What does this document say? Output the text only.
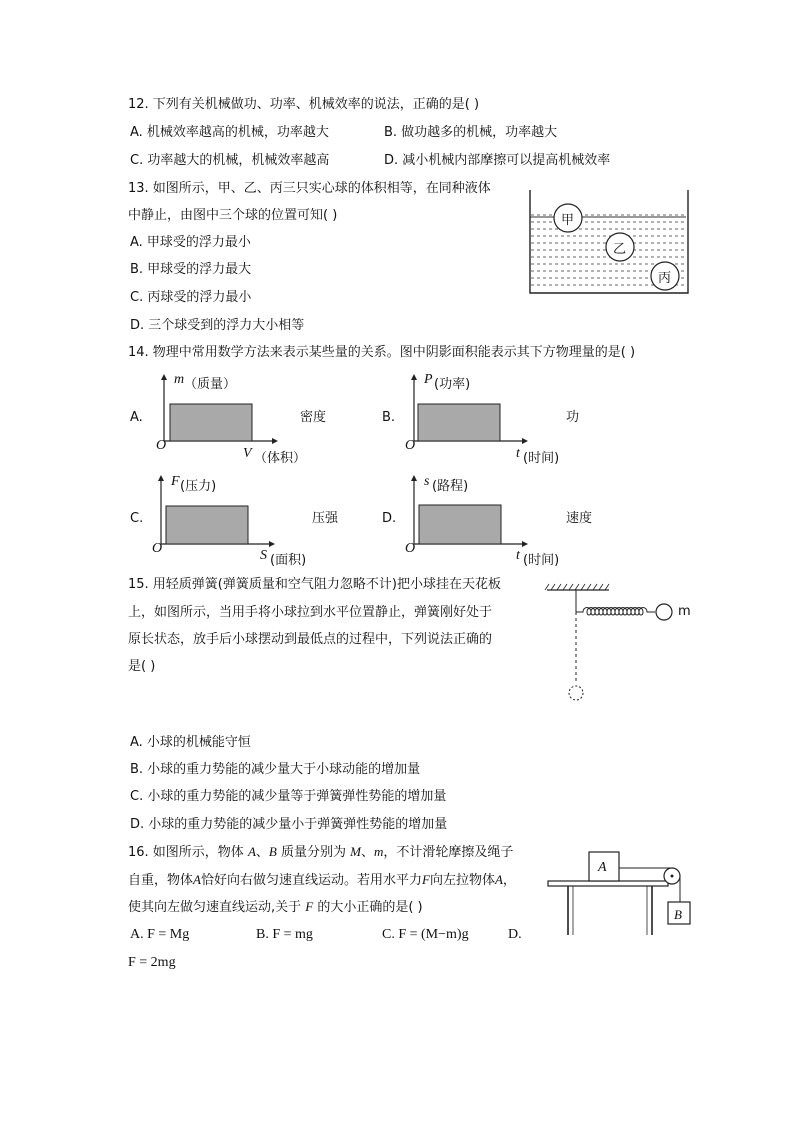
12. 下列有关机械做功、功率、机械效率的说法，正确的是( )
A. 机械效率越高的机械，功率越大	B. 做功越多的机械，功率越大
C. 功率越大的机械，机械效率越高	D. 减小机械内部摩擦可以提高机械效率
13. 如图所示，甲、乙、丙三只实心球的体积相等，在同种液体
中静止，由图中三个球的位置可知( )
A. 甲球受的浮力最小
B. 甲球受的浮力最大
C. 丙球受的浮力最小
D. 三个球受到的浮力大小相等
甲
乙
丙
14. 物理中常用数学方法来表示某些量的关系。图中阴影面积能表示其下方物理量的是( )
A.
m （质量）
O
V （体积）
密度	B.
P (功率)
O
t (时间)
功
C.
F (压力)
O	S (面积)
压强	D.
s (路程)
O	t (时间)
速度
15. 用轻质弹簧(弹簧质量和空气阻力忽略不计)把小球挂在天花板
上，如图所示，当用手将小球拉到水平位置静止，弹簧刚好处于
原长状态，放手后小球摆动到最低点的过程中，下列说法正确的
是( )
m
A. 小球的机械能守恒
B. 小球的重力势能的减少量大于小球动能的增加量
C. 小球的重力势能的减少量等于弹簧弹性势能的增加量
D. 小球的重力势能的减少量小于弹簧弹性势能的增加量
16. 如图所示，物体 A、B 质量分别为 M、m，不计滑轮摩擦及绳子
自重，物体A恰好向右做匀速直线运动。若用水平力F向左拉物体A，
使其向左做匀速直线运动,关于 F 的大小正确的是( )
A
B
A. F = Mg	B. F = mg	C. F = (M−m)g	D.
F = 2mg
